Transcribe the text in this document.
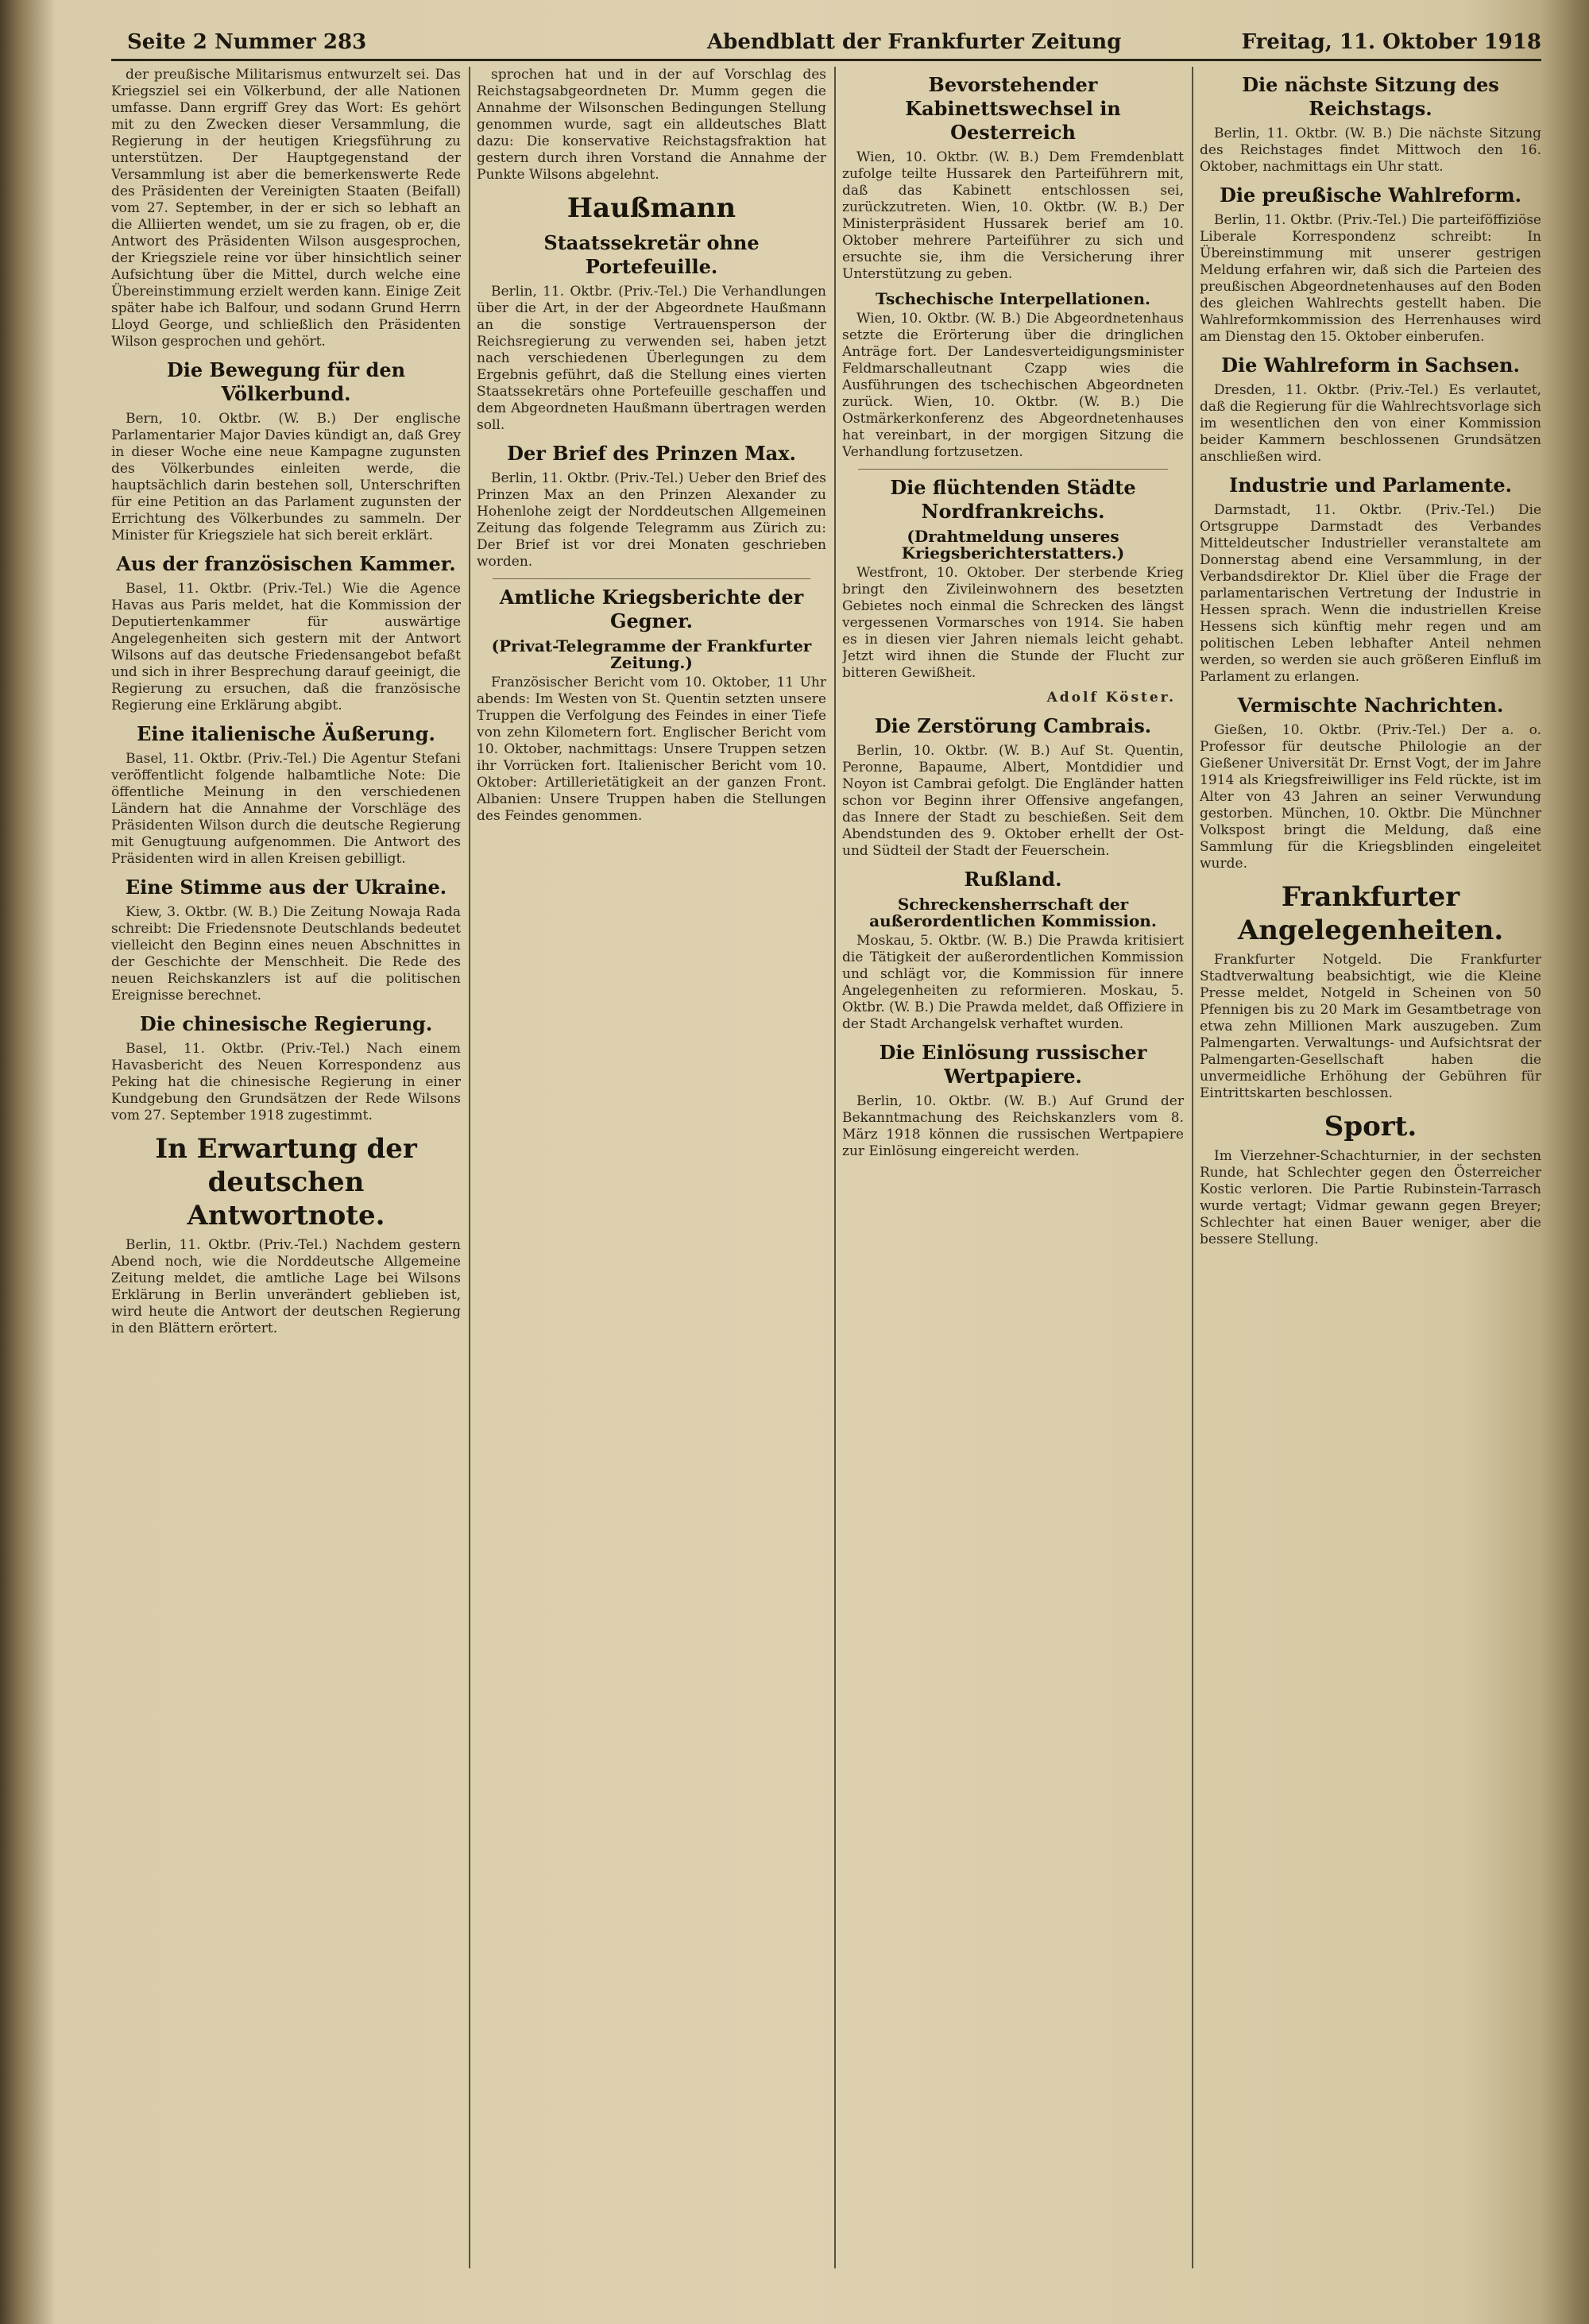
Seite 2 Nummer 283	Abendblatt der Frankfurter Zeitung	Freitag, 11. Oktober 1918

der preußische Militarismus entwurzelt sei. Das Kriegsziel sei ein Völkerbund, der alle Nationen umfasse. Dann ergriff Grey das Wort: Es gehört mit zu den Zwecken dieser Versammlung, die Regierung in der heutigen Kriegsführung zu unterstützen. Der Hauptgegenstand der Versammlung ist aber die bemerkenswerte Rede des Präsidenten der Vereinigten Staaten (Beifall) vom 27. September, in der er sich so lebhaft an die Alliierten wendet, um sie zu fragen, ob er, die Antwort des Präsidenten Wilson ausgesprochen, der Kriegsziele reine vor über hinsichtlich seiner Aufsichtung über die Mittel, durch welche eine Übereinstimmung erzielt werden kann. Einige Zeit später habe ich Balfour, und sodann Grund Herrn Lloyd George, und schließlich den Präsidenten Wilson gesprochen und gehört.

Die Bewegung für den Völkerbund.

Bern, 10. Oktbr. (W. B.) Der englische Parlamentarier Major Davies kündigt an, daß Grey in dieser Woche eine neue Kampagne zugunsten des Völkerbundes einleiten werde, die hauptsächlich darin bestehen soll, Unterschriften für eine Petition an das Parlament zugunsten der Errichtung des Völkerbundes zu sammeln. Der Minister für Kriegsziele hat sich bereit erklärt.

Aus der französischen Kammer.

Basel, 11. Oktbr. (Priv.-Tel.) Wie die Agence Havas aus Paris meldet, hat die Kommission der Deputiertenkammer für auswärtige Angelegenheiten sich gestern mit der Antwort Wilsons auf das deutsche Friedensangebot befaßt und sich in ihrer Besprechung darauf geeinigt, die Regierung zu ersuchen, daß die französische Regierung eine Erklärung abgibt.

Eine italienische Äußerung.

Basel, 11. Oktbr. (Priv.-Tel.) Die Agentur Stefani veröffentlicht folgende halbamtliche Note: Die öffentliche Meinung in den verschiedenen Ländern hat die Annahme der Vorschläge des Präsidenten Wilson durch die deutsche Regierung mit Genugtuung aufgenommen. Die Antwort des Präsidenten wird in allen Kreisen gebilligt.

Eine Stimme aus der Ukraine.

Kiew, 3. Oktbr. (W. B.) Die Zeitung Nowaja Rada schreibt: Die Friedensnote Deutschlands bedeutet vielleicht den Beginn eines neuen Abschnittes in der Geschichte der Menschheit. Die Rede des neuen Reichskanzlers ist auf die politischen Ereignisse berechnet.

Die chinesische Regierung.

Basel, 11. Oktbr. (Priv.-Tel.) Nach einem Havasbericht des Neuen Korrespondenz aus Peking hat die chinesische Regierung in einer Kundgebung den Grundsätzen der Rede Wilsons vom 27. September 1918 zugestimmt.

In Erwartung der deutschen Antwortnote.

Berlin, 11. Oktbr. (Priv.-Tel.) Nachdem gestern Abend noch, wie die Norddeutsche Allgemeine Zeitung meldet, die amtliche Lage bei Wilsons Erklärung in Berlin unverändert geblieben ist, wird heute die Antwort der deutschen Regierung in den Blättern erörtert.

sprochen hat und in der auf Vorschlag des Reichstagsabgeordneten Dr. Mumm gegen die Annahme der Wilsonschen Bedingungen Stellung genommen wurde, sagt ein alldeutsches Blatt dazu: Die konservative Reichstagsfraktion hat gestern durch ihren Vorstand die Annahme der Punkte Wilsons abgelehnt.

Haußmann
Staatssekretär ohne Portefeuille.

Berlin, 11. Oktbr. (Priv.-Tel.) Die Verhandlungen über die Art, in der der Abgeordnete Haußmann an die sonstige Vertrauensperson der Reichsregierung zu verwenden sei, haben jetzt nach verschiedenen Überlegungen zu dem Ergebnis geführt, daß die Stellung eines vierten Staatssekretärs ohne Portefeuille geschaffen und dem Abgeordneten Haußmann übertragen werden soll.

Der Brief des Prinzen Max.

Berlin, 11. Oktbr. (Priv.-Tel.) Ueber den Brief des Prinzen Max an den Prinzen Alexander zu Hohenlohe zeigt der Norddeutschen Allgemeinen Zeitung das folgende Telegramm aus Zürich zu: Der Brief ist vor drei Monaten geschrieben worden.

Amtliche Kriegsberichte der Gegner.
(Privat-Telegramme der Frankfurter Zeitung.)

Französischer Bericht vom 10. Oktober, 11 Uhr abends: Im Westen von St. Quentin setzten unsere Truppen die Verfolgung des Feindes in einer Tiefe von zehn Kilometern fort. Englischer Bericht vom 10. Oktober, nachmittags: Unsere Truppen setzen ihr Vorrücken fort. Italienischer Bericht vom 10. Oktober: Artillerietätigkeit an der ganzen Front. Albanien: Unsere Truppen haben die Stellungen des Feindes genommen.

Bevorstehender Kabinettswechsel in Oesterreich

Wien, 10. Oktbr. (W. B.) Dem Fremdenblatt zufolge teilte Hussarek den Parteiführern mit, daß das Kabinett entschlossen sei, zurückzutreten. Wien, 10. Oktbr. (W. B.) Der Ministerpräsident Hussarek berief am 10. Oktober mehrere Parteiführer zu sich und ersuchte sie, ihm die Versicherung ihrer Unterstützung zu geben.

Tschechische Interpellationen.

Wien, 10. Oktbr. (W. B.) Die Abgeordnetenhaus setzte die Erörterung über die dringlichen Anträge fort. Der Landesverteidigungsminister Feldmarschalleutnant Czapp wies die Ausführungen des tschechischen Abgeordneten zurück. Wien, 10. Oktbr. (W. B.) Die Ostmärkerkonferenz des Abgeordnetenhauses hat vereinbart, in der morgigen Sitzung die Verhandlung fortzusetzen.

Die flüchtenden Städte Nordfrankreichs.
(Drahtmeldung unseres Kriegsberichterstatters.)

Westfront, 10. Oktober. Der sterbende Krieg bringt den Zivileinwohnern des besetzten Gebietes noch einmal die Schrecken des längst vergessenen Vormarsches von 1914. Sie haben es in diesen vier Jahren niemals leicht gehabt. Jetzt wird ihnen die Stunde der Flucht zur bitteren Gewißheit.

Adolf Köster.
Die Zerstörung Cambrais.

Berlin, 10. Oktbr. (W. B.) Auf St. Quentin, Peronne, Bapaume, Albert, Montdidier und Noyon ist Cambrai gefolgt. Die Engländer hatten schon vor Beginn ihrer Offensive angefangen, das Innere der Stadt zu beschießen. Seit dem Abendstunden des 9. Oktober erhellt der Ost- und Südteil der Stadt der Feuerschein.

Rußland.
Schreckensherrschaft der außerordentlichen Kommission.

Moskau, 5. Oktbr. (W. B.) Die Prawda kritisiert die Tätigkeit der außerordentlichen Kommission und schlägt vor, die Kommission für innere Angelegenheiten zu reformieren. Moskau, 5. Oktbr. (W. B.) Die Prawda meldet, daß Offiziere in der Stadt Archangelsk verhaftet wurden.

Die Einlösung russischer Wertpapiere.

Berlin, 10. Oktbr. (W. B.) Auf Grund der Bekanntmachung des Reichskanzlers vom 8. März 1918 können die russischen Wertpapiere zur Einlösung eingereicht werden.

Die nächste Sitzung des Reichstags.

Berlin, 11. Oktbr. (W. B.) Die nächste Sitzung des Reichstages findet Mittwoch den 16. Oktober, nachmittags ein Uhr statt.

Die preußische Wahlreform.

Berlin, 11. Oktbr. (Priv.-Tel.) Die parteiföffiziöse Liberale Korrespondenz schreibt: In Übereinstimmung mit unserer gestrigen Meldung erfahren wir, daß sich die Parteien des preußischen Abgeordnetenhauses auf den Boden des gleichen Wahlrechts gestellt haben. Die Wahlreformkommission des Herrenhauses wird am Dienstag den 15. Oktober einberufen.

Die Wahlreform in Sachsen.

Dresden, 11. Oktbr. (Priv.-Tel.) Es verlautet, daß die Regierung für die Wahlrechtsvorlage sich im wesentlichen den von einer Kommission beider Kammern beschlossenen Grundsätzen anschließen wird.

Industrie und Parlamente.

Darmstadt, 11. Oktbr. (Priv.-Tel.) Die Ortsgruppe Darmstadt des Verbandes Mitteldeutscher Industrieller veranstaltete am Donnerstag abend eine Versammlung, in der Verbandsdirektor Dr. Kliel über die Frage der parlamentarischen Vertretung der Industrie in Hessen sprach. Wenn die industriellen Kreise Hessens sich künftig mehr regen und am politischen Leben lebhafter Anteil nehmen werden, so werden sie auch größeren Einfluß im Parlament zu erlangen.

Vermischte Nachrichten.

Gießen, 10. Oktbr. (Priv.-Tel.) Der a. o. Professor für deutsche Philologie an der Gießener Universität Dr. Ernst Vogt, der im Jahre 1914 als Kriegsfreiwilliger ins Feld rückte, ist im Alter von 43 Jahren an seiner Verwundung gestorben. München, 10. Oktbr. Die Münchner Volkspost bringt die Meldung, daß eine Sammlung für die Kriegsblinden eingeleitet wurde.

Frankfurter Angelegenheiten.

Frankfurter Notgeld. Die Frankfurter Stadtverwaltung beabsichtigt, wie die Kleine Presse meldet, Notgeld in Scheinen von 50 Pfennigen bis zu 20 Mark im Gesamtbetrage von etwa zehn Millionen Mark auszugeben. Zum Palmengarten. Verwaltungs- und Aufsichtsrat der Palmengarten-Gesellschaft haben die unvermeidliche Erhöhung der Gebühren für Eintrittskarten beschlossen.

Sport.

Im Vierzehner-Schachturnier, in der sechsten Runde, hat Schlechter gegen den Österreicher Kostic verloren. Die Partie Rubinstein-Tarrasch wurde vertagt; Vidmar gewann gegen Breyer; Schlechter hat einen Bauer weniger, aber die bessere Stellung.
